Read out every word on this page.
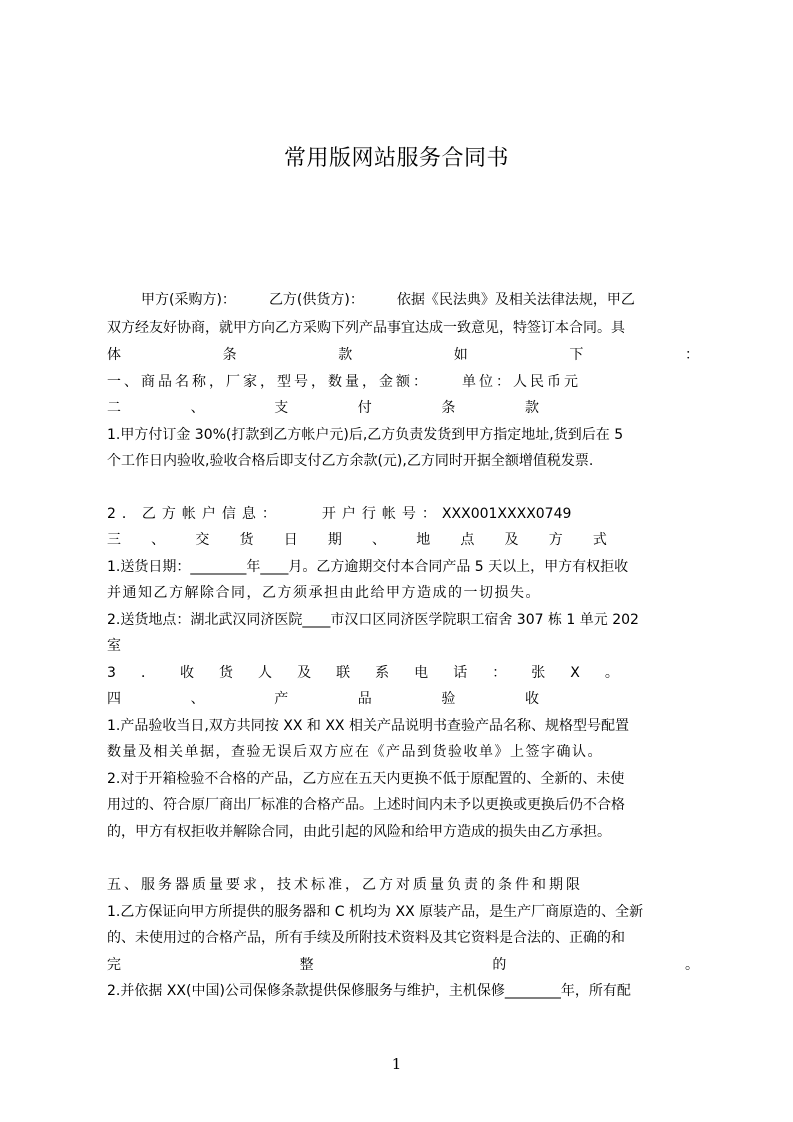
常用版网站服务合同书
甲方(采购方)： 乙方(供货方)： 依据《民法典》及相关法律法规，甲乙
双方经友好协商，就甲方向乙方采购下列产品事宜达成一致意见，特签订本合同。具
体	条	款	如	下	：
一、商品名称，厂家，型号，数量，金额： 单位：人民币元
二	、	支	付	条	款
1.甲方付订金 30%(打款到乙方帐户元)后,乙方负责发货到甲方指定地址,货到后在 5
个工作日内验收,验收合格后即支付乙方余款(元),乙方同时开据全额增值税发票.
2．乙方帐户信息：	开户行帐号：XXX001XXXX0749
三 、 交 货 日 期 、 地 点 及 方 式
1.送货日期：________年____月。乙方逾期交付本合同产品 5 天以上，甲方有权拒收
并通知乙方解除合同，乙方须承担由此给甲方造成的一切损失。
2.送货地点：湖北武汉同济医院____市汉口区同济医学院职工宿舍 307 栋 1 单元 202
室
3 ． 收 货 人 及 联 系 电 话 ： 张 X 。
四	、	产	品	验	收
1.产品验收当日,双方共同按 XX 和 XX 相关产品说明书查验产品名称、规格型号配置
数量及相关单据，查验无误后双方应在《产品到货验收单》上签字确认。
2.对于开箱检验不合格的产品，乙方应在五天内更换不低于原配置的、全新的、未使
用过的、符合原厂商出厂标准的合格产品。上述时间内未予以更换或更换后仍不合格
的，甲方有权拒收并解除合同，由此引起的风险和给甲方造成的损失由乙方承担。
五、服务器质量要求，技术标准，乙方对质量负责的条件和期限
1.乙方保证向甲方所提供的服务器和 C 机均为 XX 原装产品，是生产厂商原造的、全新
的、未使用过的合格产品，所有手续及所附技术资料及其它资料是合法的、正确的和
完	整	的	。
2.并依据 XX(中国)公司保修条款提供保修服务与维护，主机保修________年，所有配
1
